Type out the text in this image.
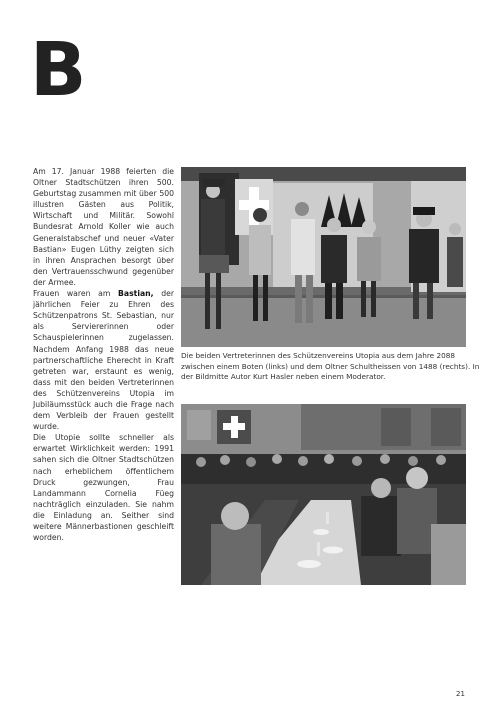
B

Am 17. Januar 1988 feierten die Oltner Stadtschützen ihren 500. Geburtstag zusammen mit über 500 illustren Gästen aus Politik, Wirtschaft und Militär. Sowohl Bundesrat Arnold Koller wie auch Generalstabschef und neuer «Vater Bastian» Eugen Lüthy zeigten sich in ihren Ansprachen besorgt über den Vertrauensschwund gegenüber der Armee.

Frauen waren am Bastian, der jährlichen Feier zu Ehren des Schützenpatrons St. Sebastian, nur als Serviererinnen oder Schauspielerinnen zugelassen. Nachdem Anfang 1988 das neue partnerschaftliche Eherecht in Kraft getreten war, erstaunt es wenig, dass mit den beiden Vertreterinnen des Schützenvereins Utopia im Jubiläumsstück auch die Frage nach dem Verbleib der Frauen gestellt wurde.

Die Utopie sollte schneller als erwartet Wirklichkeit werden: 1991 sahen sich die Oltner Stadtschützen nach erheblichem öffentlichem Druck gezwungen, Frau Landammann Cornelia Füeg nachträglich einzuladen. Sie nahm die Einladung an. Seither sind weitere Männerbastionen geschleift worden.

Die beiden Vertreterinnen des Schützenvereins Utopia aus dem Jahre 2088 zwischen einem Boten (links) und dem Oltner Schultheissen von 1488 (rechts). In der Bildmitte Autor Kurt Hasler neben einem Moderator.

21
